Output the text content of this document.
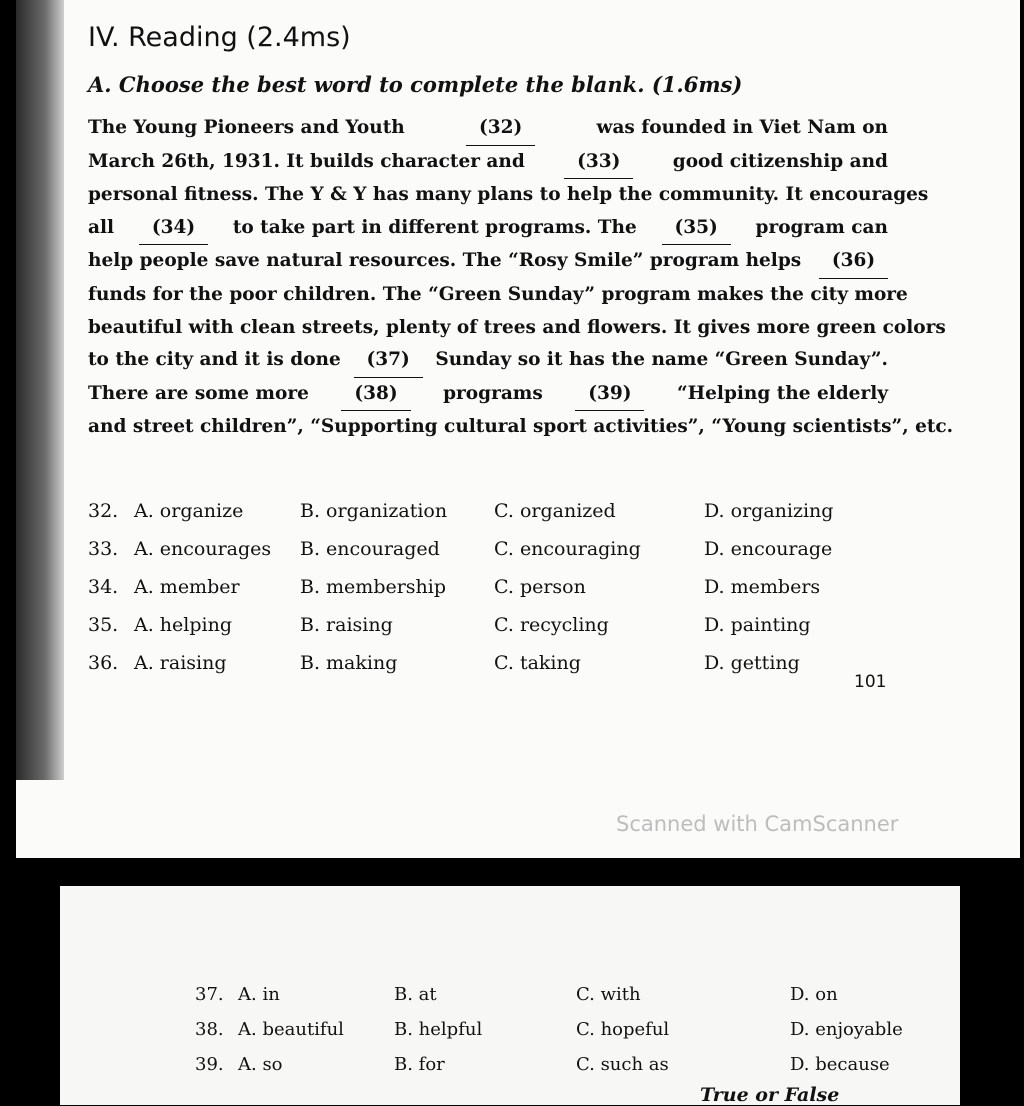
IV. Reading (2.4ms)
A. Choose the best word to complete the blank. (1.6ms)
The Young Pioneers and Youth	(32)	was founded in Viet Nam on
March 26th, 1931. It builds character and (33) good citizenship and
personal fitness. The Y & Y has many plans to help the community. It encourages
all (34) to take part in different programs. The (35) program can
help people save natural resources. The “Rosy Smile” program helps (36)
funds for the poor children. The “Green Sunday” program makes the city more
beautiful with clean streets, plenty of trees and flowers. It gives more green colors
to the city and it is done (37) Sunday so it has the name “Green Sunday”.
There are some more (38) programs (39) “Helping the elderly
and street children”, “Supporting cultural sport activities”, “Young scientists”, etc.
32. A. organize	B. organization C. organized	D. organizing
33. A. encourages B. encouraged	C. encouraging	D. encourage
34. A. member	B. membership	C. person	D. members
35. A. helping	B. raising	C. recycling	D. painting
36. A. raising	B. making	C. taking	D. getting
101
Scanned with CamScanner
37. A. in	B. at	C. with	D. on
38. A. beautiful	B. helpful	C. hopeful	D. enjoyable
39. A. so	B. for	C. such as	D. because
True or False
